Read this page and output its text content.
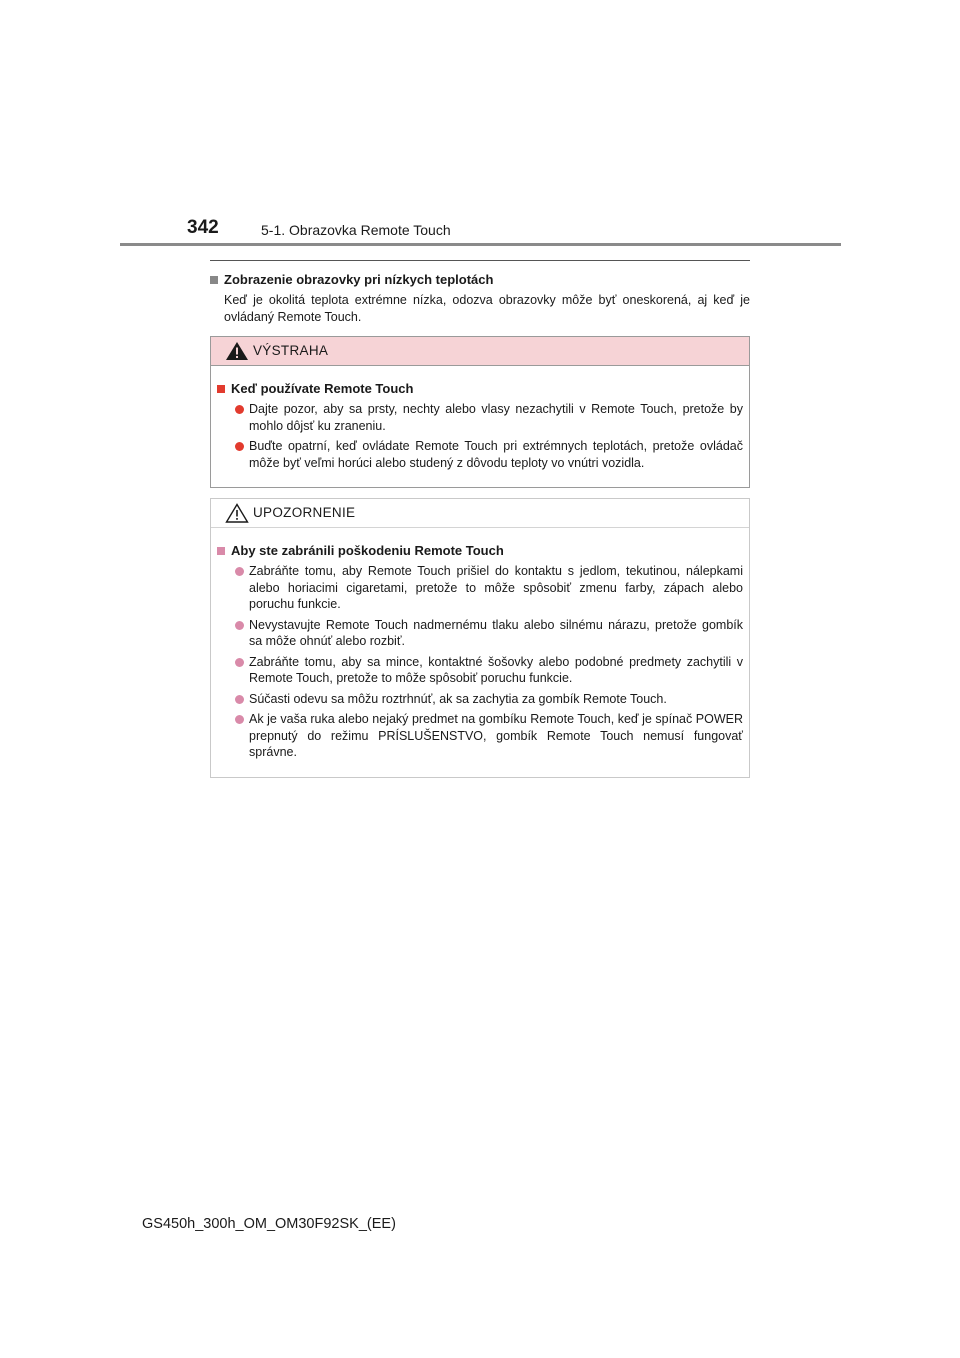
342	5-1. Obrazovka Remote Touch

Zobrazenie obrazovky pri nízkych teplotách

Keď je okolitá teplota extrémne nízka, odozva obrazovky môže byť oneskorená, aj keď je ovládaný Remote Touch.

VÝSTRAHA

Keď používate Remote Touch

Dajte pozor, aby sa prsty, nechty alebo vlasy nezachytili v Remote Touch, pretože by mohlo dôjsť ku zraneniu.
Buďte opatrní, keď ovládate Remote Touch pri extrémnych teplotách, pretože ovládač môže byť veľmi horúci alebo studený z dôvodu teploty vo vnútri vozidla.
UPOZORNENIE

Aby ste zabránili poškodeniu Remote Touch

Zabráňte tomu, aby Remote Touch prišiel do kontaktu s jedlom, tekutinou, nálepkami alebo horiacimi cigaretami, pretože to môže spôsobiť zmenu farby, zápach alebo poruchu funkcie.
Nevystavujte Remote Touch nadmernému tlaku alebo silnému nárazu, pretože gombík sa môže ohnúť alebo rozbiť.
Zabráňte tomu, aby sa mince, kontaktné šošovky alebo podobné predmety zachytili v Remote Touch, pretože to môže spôsobiť poruchu funkcie.
Súčasti odevu sa môžu roztrhnúť, ak sa zachytia za gombík Remote Touch.
Ak je vaša ruka alebo nejaký predmet na gombíku Remote Touch, keď je spínač POWER prepnutý do režimu PRÍSLUŠENSTVO, gombík Remote Touch nemusí fungovať správne.
GS450h_300h_OM_OM30F92SK_(EE)
